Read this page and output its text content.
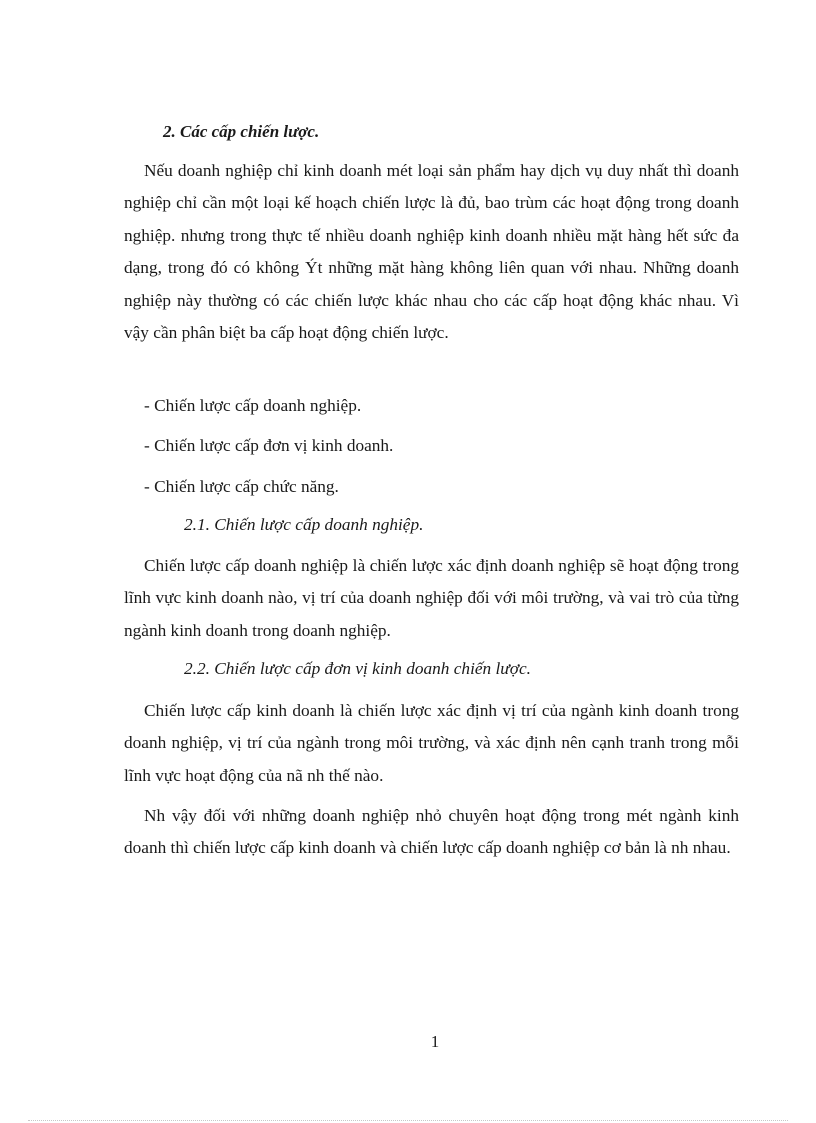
2. Các cấp chiến lược.

Nếu doanh nghiệp chỉ kinh doanh mét loại sản phẩm hay dịch vụ duy nhất thì doanh nghiệp chỉ cần một loại kế hoạch chiến lược là đủ, bao trùm các hoạt động trong doanh nghiệp. nhưng trong thực tế nhiều doanh nghiệp kinh doanh nhiều mặt hàng hết sức đa dạng, trong đó có không Ýt những mặt hàng không liên quan với nhau. Những doanh nghiệp này thường có các chiến lược khác nhau cho các cấp hoạt động khác nhau. Vì vậy cần phân biệt ba cấp hoạt động chiến lược.

- Chiến lược cấp doanh nghiệp.

- Chiến lược cấp đơn vị kinh doanh.

- Chiến lược cấp chức năng.

2.1. Chiến lược cấp doanh nghiệp.

Chiến lược cấp doanh nghiệp là chiến lược xác định doanh nghiệp sẽ hoạt động trong lĩnh vực kinh doanh nào, vị trí của doanh nghiệp đối với môi trường, và vai trò của từng ngành kinh doanh trong doanh nghiệp.

2.2. Chiến lược cấp đơn vị kinh doanh chiến lược.

Chiến lược cấp kinh doanh là chiến lược xác định vị trí của ngành kinh doanh trong doanh nghiệp, vị trí của ngành trong môi trường, và xác định nên cạnh tranh trong mỗi lĩnh vực hoạt động của nã nh thế nào.

Nh vậy đối với những doanh nghiệp nhỏ chuyên hoạt động trong mét ngành kinh doanh thì chiến lược cấp kinh doanh và chiến lược cấp doanh nghiệp cơ bản là nh nhau.

1
